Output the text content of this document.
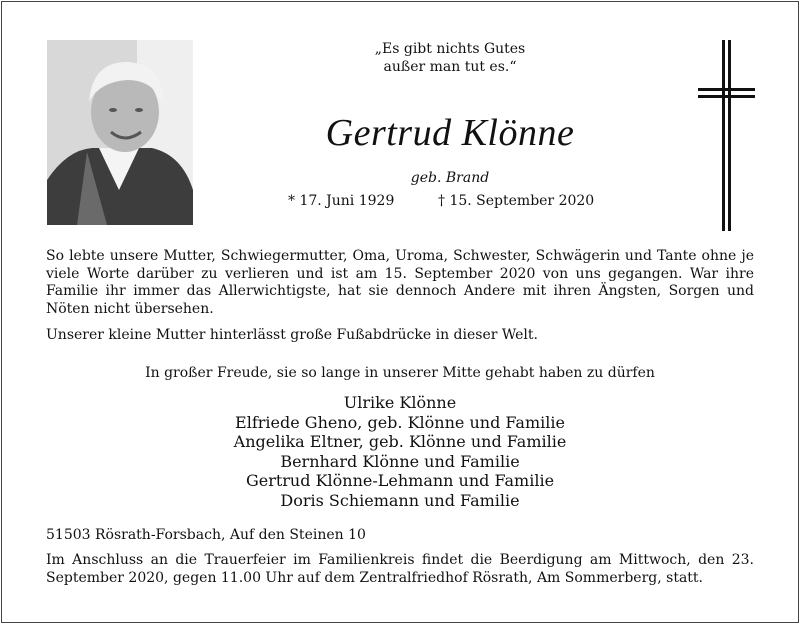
„Es gibt nichts Gutes
außer man tut es.“
Gertrud Klönne
geb. Brand
* 17. Juni 1929	† 15. September 2020
So lebte unsere Mutter, Schwiegermutter, Oma, Uroma, Schwester, Schwägerin und Tante ohne je viele Worte darüber zu verlieren und ist am 15. September 2020 von uns gegangen. War ihre Familie ihr immer das Allerwichtigste, hat sie dennoch Andere mit ihren Ängsten, Sorgen und Nöten nicht übersehen.
Unserer kleine Mutter hinterlässt große Fußabdrücke in dieser Welt.
In großer Freude, sie so lange in unserer Mitte gehabt haben zu dürfen
Ulrike Klönne
Elfriede Gheno, geb. Klönne und Familie
Angelika Eltner, geb. Klönne und Familie
Bernhard Klönne und Familie
Gertrud Klönne-Lehmann und Familie
Doris Schiemann und Familie
51503 Rösrath-Forsbach, Auf den Steinen 10
Im Anschluss an die Trauerfeier im Familienkreis findet die Beerdigung am Mittwoch, den 23. September 2020, gegen 11.00 Uhr auf dem Zentralfriedhof Rösrath, Am Sommerberg, statt.
